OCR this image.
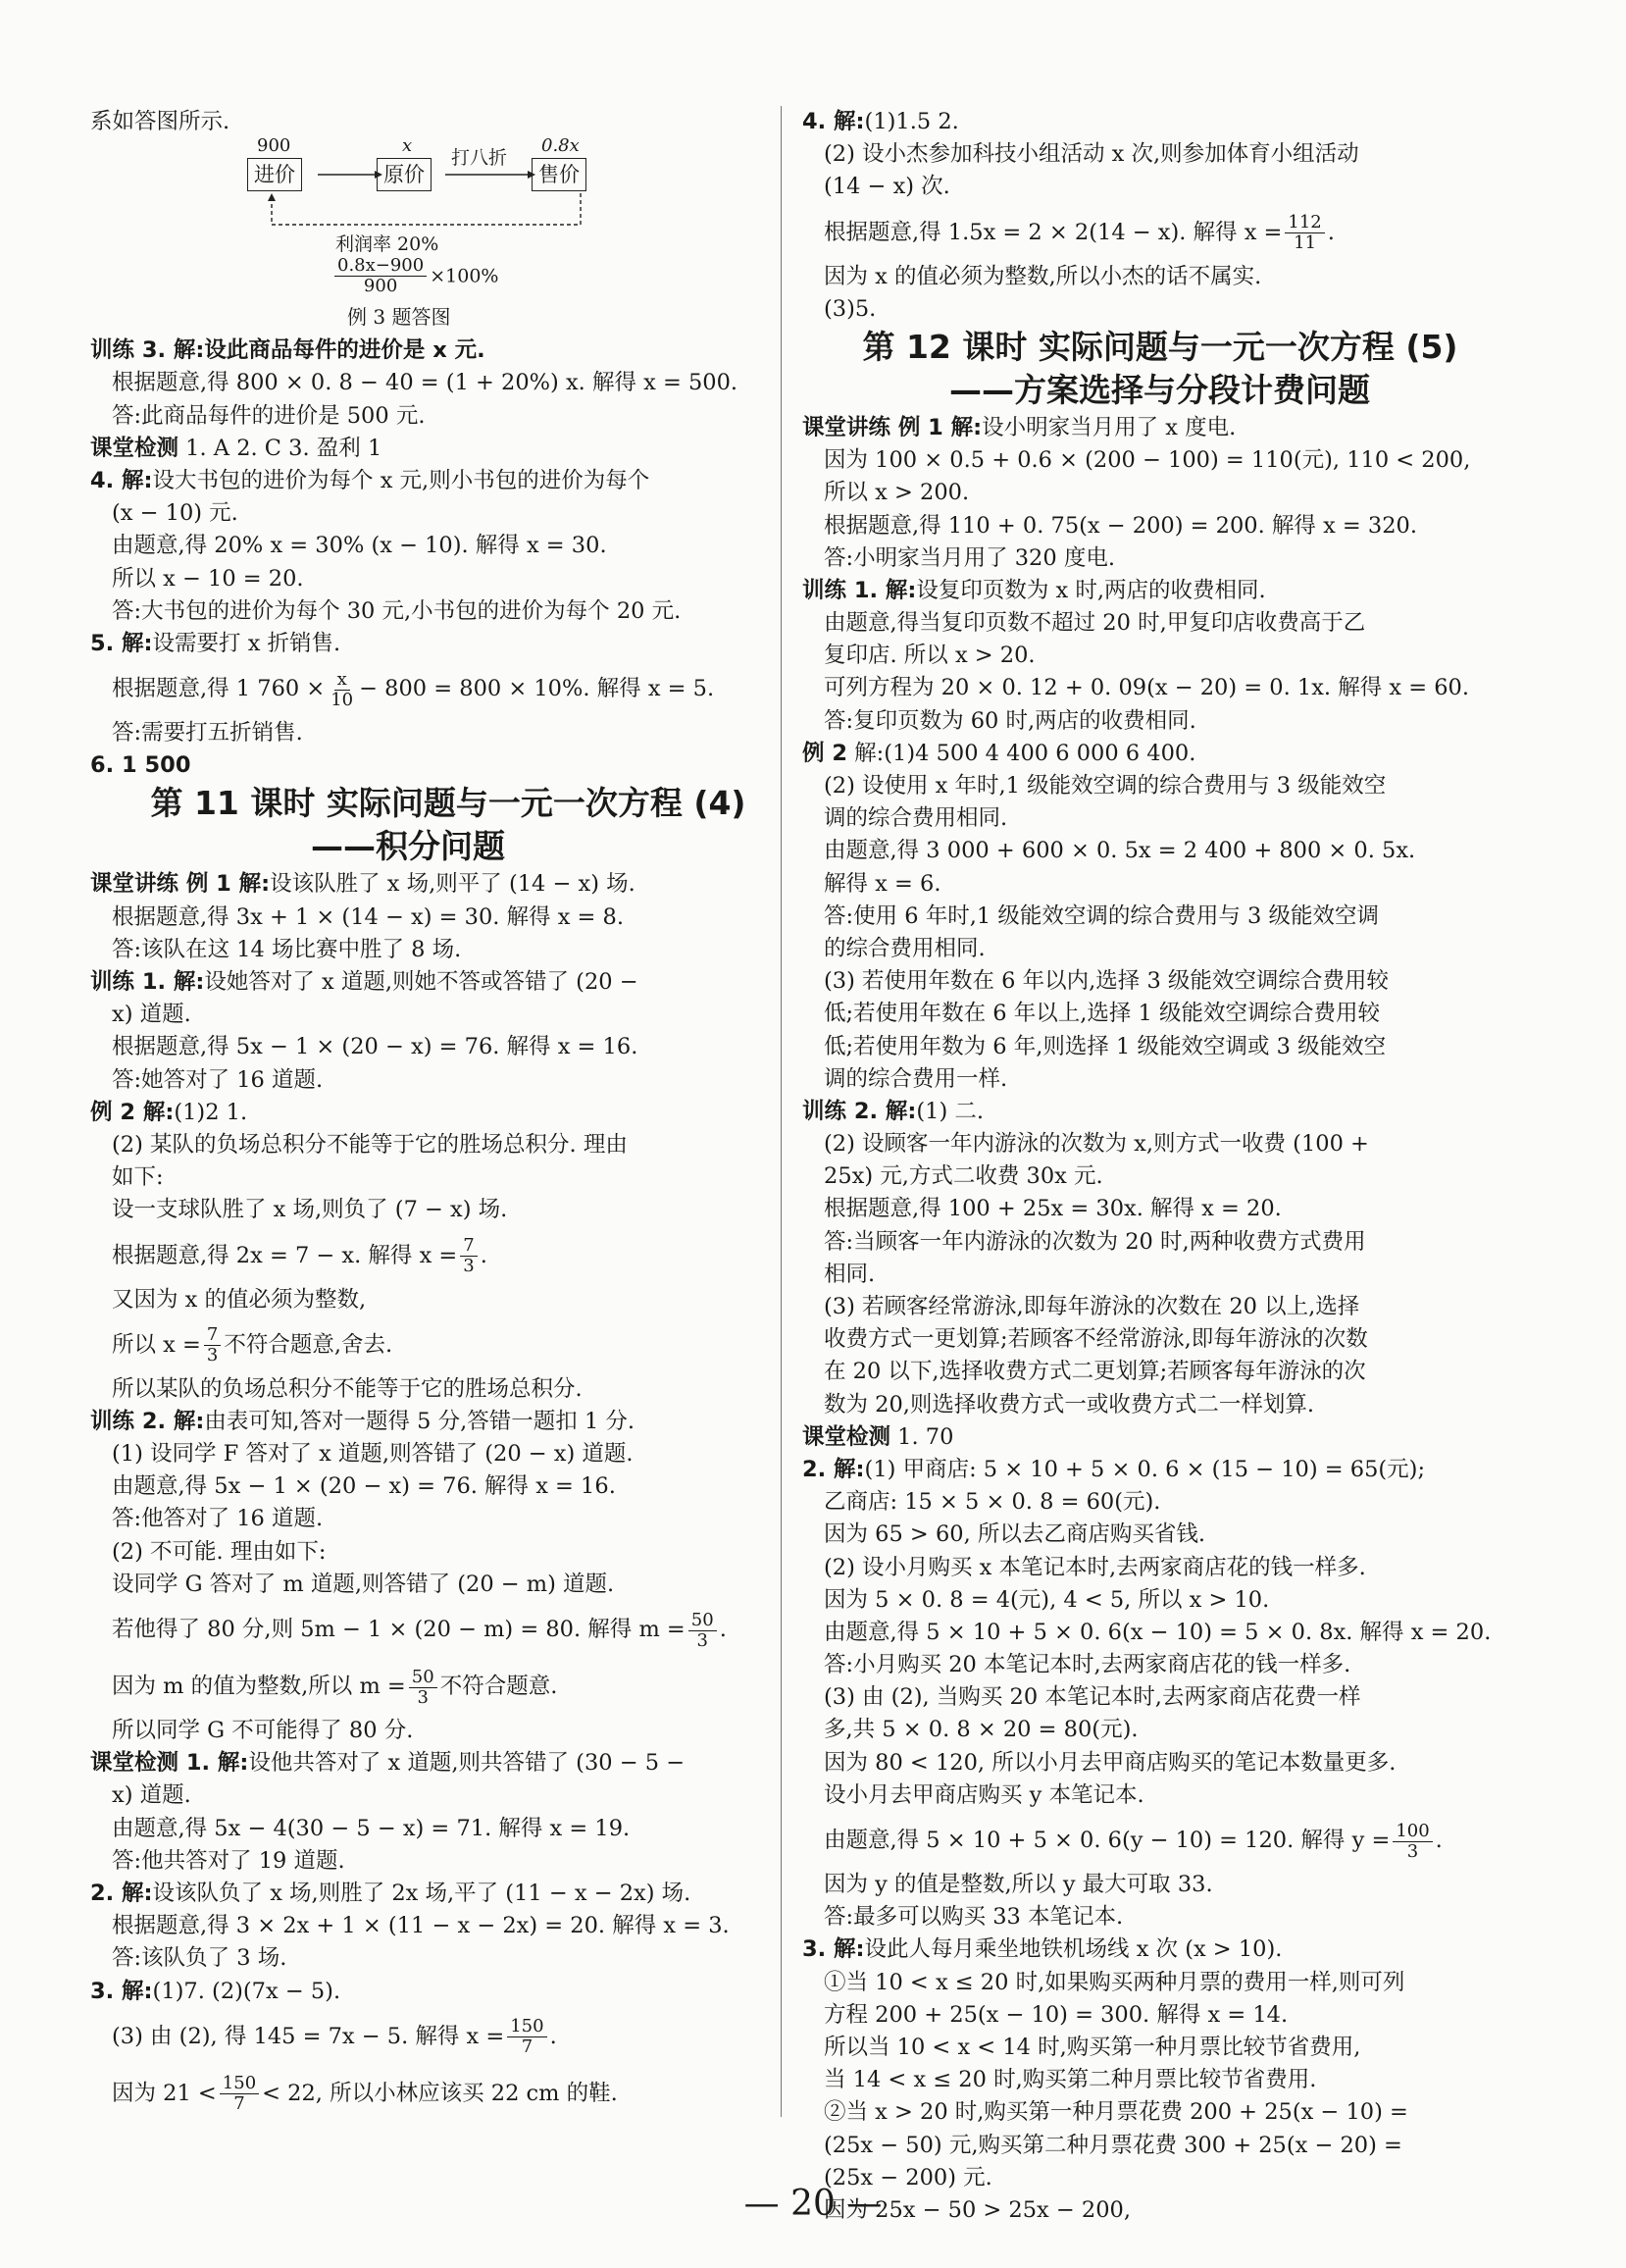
系如答图所示.
900
进价
x
原价
打八折
0.8x
售价
利润率 20%
$\frac{0.8x-900}{900} \times 100\%$
例 3 题答图
训练 3. 解:设此商品每件的进价是 x 元.
根据题意,得 800 × 0. 8 − 40 = (1 + 20%) x. 解得 x = 500.
答:此商品每件的进价是 500 元.
课堂检测 1. A 2. C 3. 盈利 1
4. 解:设大书包的进价为每个 x 元,则小书包的进价为每个
(x − 10) 元.
由题意,得 20% x = 30% (x − 10). 解得 x = 30.
所以 x − 10 = 20.
答:大书包的进价为每个 30 元,小书包的进价为每个 20 元.
5. 解:设需要打 x 折销售.
根据题意,得 1 $760 \times \frac{x}{10} - 800 = 800 \times 10\%$. 解得 x = 5.
答:需要打五折销售.
6. 1 500
第 11 课时 实际问题与一元一次方程 (4)
——积分问题
课堂讲练 例 1 解:设该队胜了 x 场,则平了 (14 − x) 场.
根据题意,得 3x + 1 × (14 − x) = 30. 解得 x = 8.
答:该队在这 14 场比赛中胜了 8 场.
训练 1. 解:设她答对了 x 道题,则她不答或答错了 (20 −
x) 道题.
根据题意,得 5x − 1 × (20 − x) = 76. 解得 x = 16.
答:她答对了 16 道题.
例 2 解:(1)2 1.
(2) 某队的负场总积分不能等于它的胜场总积分. 理由
如下:
设一支球队胜了 x 场,则负了 (7 − x) 场.
根据题意,得 2x = 7 − x. 解得 $x = \frac{7}{3}$ .
又因为 x 的值必须为整数,
所以 $x = \frac{7}{3}$ 不符合题意,舍去.
所以某队的负场总积分不能等于它的胜场总积分.
训练 2. 解:由表可知,答对一题得 5 分,答错一题扣 1 分.
(1) 设同学 F 答对了 x 道题,则答错了 (20 − x) 道题.
由题意,得 5x − 1 × (20 − x) = 76. 解得 x = 16.
答:他答对了 16 道题.
(2) 不可能. 理由如下:
设同学 G 答对了 m 道题,则答错了 (20 − m) 道题.
若他得了 80 分,则 5m − 1 × (20 − m) = 80. 解得 $m = \frac{50}{3}$ .
因为 m 的值为整数,所以 $m = \frac{50}{3}$ 不符合题意.
所以同学 G 不可能得了 80 分.
课堂检测 1. 解:设他共答对了 x 道题,则共答错了 (30 − 5 −
x) 道题.
由题意,得 5x − 4(30 − 5 − x) = 71. 解得 x = 19.
答:他共答对了 19 道题.
2. 解:设该队负了 x 场,则胜了 2x 场,平了 (11 − x − 2x) 场.
根据题意,得 3 × 2x + 1 × (11 − x − 2x) = 20. 解得 x = 3.
答:该队负了 3 场.
3. 解:(1)7. (2)(7x − 5).
(3) 由 (2), 得 145 = 7x − 5. 解得 $x = \frac{150}{7}$ .
因为 $21 < \frac{150}{7} < 22$, 所以小林应该买 22 cm 的鞋.
4. 解:(1)1.5 2.
(2) 设小杰参加科技小组活动 x 次,则参加体育小组活动
(14 − x) 次.
根据题意,得 1.5x = 2 × 2(14 − x). 解得 $x = \frac{112}{11}$ .
因为 x 的值必须为整数,所以小杰的话不属实.
(3)5.
第 12 课时 实际问题与一元一次方程 (5)
——方案选择与分段计费问题
课堂讲练 例 1 解:设小明家当月用了 x 度电.
因为 100 × 0.5 + 0.6 × (200 − 100) = 110(元), 110 < 200,
所以 x > 200.
根据题意,得 110 + 0. 75(x − 200) = 200. 解得 x = 320.
答:小明家当月用了 320 度电.
训练 1. 解:设复印页数为 x 时,两店的收费相同.
由题意,得当复印页数不超过 20 时,甲复印店收费高于乙
复印店. 所以 x > 20.
可列方程为 20 × 0. 12 + 0. 09(x − 20) = 0. 1x. 解得 x = 60.
答:复印页数为 60 时,两店的收费相同.
例 2 解:(1)4 500 4 400 6 000 6 400.
(2) 设使用 x 年时,1 级能效空调的综合费用与 3 级能效空
调的综合费用相同.
由题意,得 3 000 + 600 × 0. 5x = 2 400 + 800 × 0. 5x.
解得 x = 6.
答:使用 6 年时,1 级能效空调的综合费用与 3 级能效空调
的综合费用相同.
(3) 若使用年数在 6 年以内,选择 3 级能效空调综合费用较
低;若使用年数在 6 年以上,选择 1 级能效空调综合费用较
低;若使用年数为 6 年,则选择 1 级能效空调或 3 级能效空
调的综合费用一样.
训练 2. 解:(1) 二.
(2) 设顾客一年内游泳的次数为 x,则方式一收费 (100 +
25x) 元,方式二收费 30x 元.
根据题意,得 100 + 25x = 30x. 解得 x = 20.
答:当顾客一年内游泳的次数为 20 时,两种收费方式费用
相同.
(3) 若顾客经常游泳,即每年游泳的次数在 20 以上,选择
收费方式一更划算;若顾客不经常游泳,即每年游泳的次数
在 20 以下,选择收费方式二更划算;若顾客每年游泳的次
数为 20,则选择收费方式一或收费方式二一样划算.
课堂检测 1. 70
2. 解:(1) 甲商店: 5 × 10 + 5 × 0. 6 × (15 − 10) = 65(元);
乙商店: 15 × 5 × 0. 8 = 60(元).
因为 65 > 60, 所以去乙商店购买省钱.
(2) 设小月购买 x 本笔记本时,去两家商店花的钱一样多.
因为 5 × 0. 8 = 4(元), 4 < 5, 所以 x > 10.
由题意,得 5 × 10 + 5 × 0. 6(x − 10) = 5 × 0. 8x. 解得 x = 20.
答:小月购买 20 本笔记本时,去两家商店花的钱一样多.
(3) 由 (2), 当购买 20 本笔记本时,去两家商店花费一样
多,共 5 × 0. 8 × 20 = 80(元).
因为 80 < 120, 所以小月去甲商店购买的笔记本数量更多.
设小月去甲商店购买 y 本笔记本.
由题意,得 5 × 10 + 5 × 0. 6(y − 10) = 120. 解得 $y = \frac{100}{3}$ .
因为 y 的值是整数,所以 y 最大可取 33.
答:最多可以购买 33 本笔记本.
3. 解:设此人每月乘坐地铁机场线 x 次 (x > 10).
①当 10 < x ≤ 20 时,如果购买两种月票的费用一样,则可列
方程 200 + 25(x − 10) = 300. 解得 x = 14.
所以当 10 < x < 14 时,购买第一种月票比较节省费用,
当 14 < x ≤ 20 时,购买第二种月票比较节省费用.
②当 x > 20 时,购买第一种月票花费 200 + 25(x − 10) =
(25x − 50) 元,购买第二种月票花费 300 + 25(x − 20) =
(25x − 200) 元.
因为 25x − 50 > 25x − 200,
— 20 —
